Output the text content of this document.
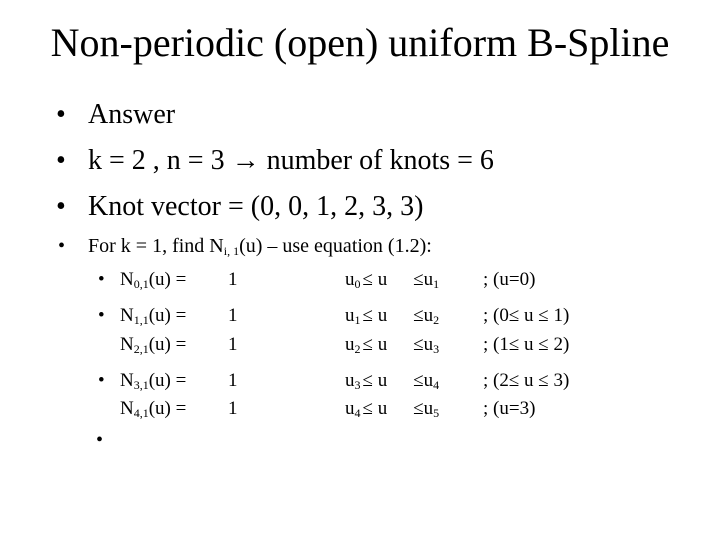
Non-periodic (open) uniform B-Spline
• Answer
• k = 2 , n = 3 → number of knots = 6
• Knot vector = (0, 0, 1, 2, 3, 3)
• For k = 1, find $N_{i, 1}(u)$ – use equation (1.2):
• $N_{0,1}(u) = 1$	$u_0 \le u \le u_1$ ; (u=0)
• $N_{1,1}(u) = 1$	$u_1 \le u \le u_2$ ; (0≤ u ≤ 1)
$N_{2,1}(u) = 1$	$u_2 \le u \le u_3$ ; (1≤ u ≤ 2)
• $N_{3,1}(u) = 1$	$u_3 \le u \le u_4$ ; (2≤ u ≤ 3)
$N_{4,1}(u) = 1$	$u_4 \le u \le u_5$ ; (u=3)
•
